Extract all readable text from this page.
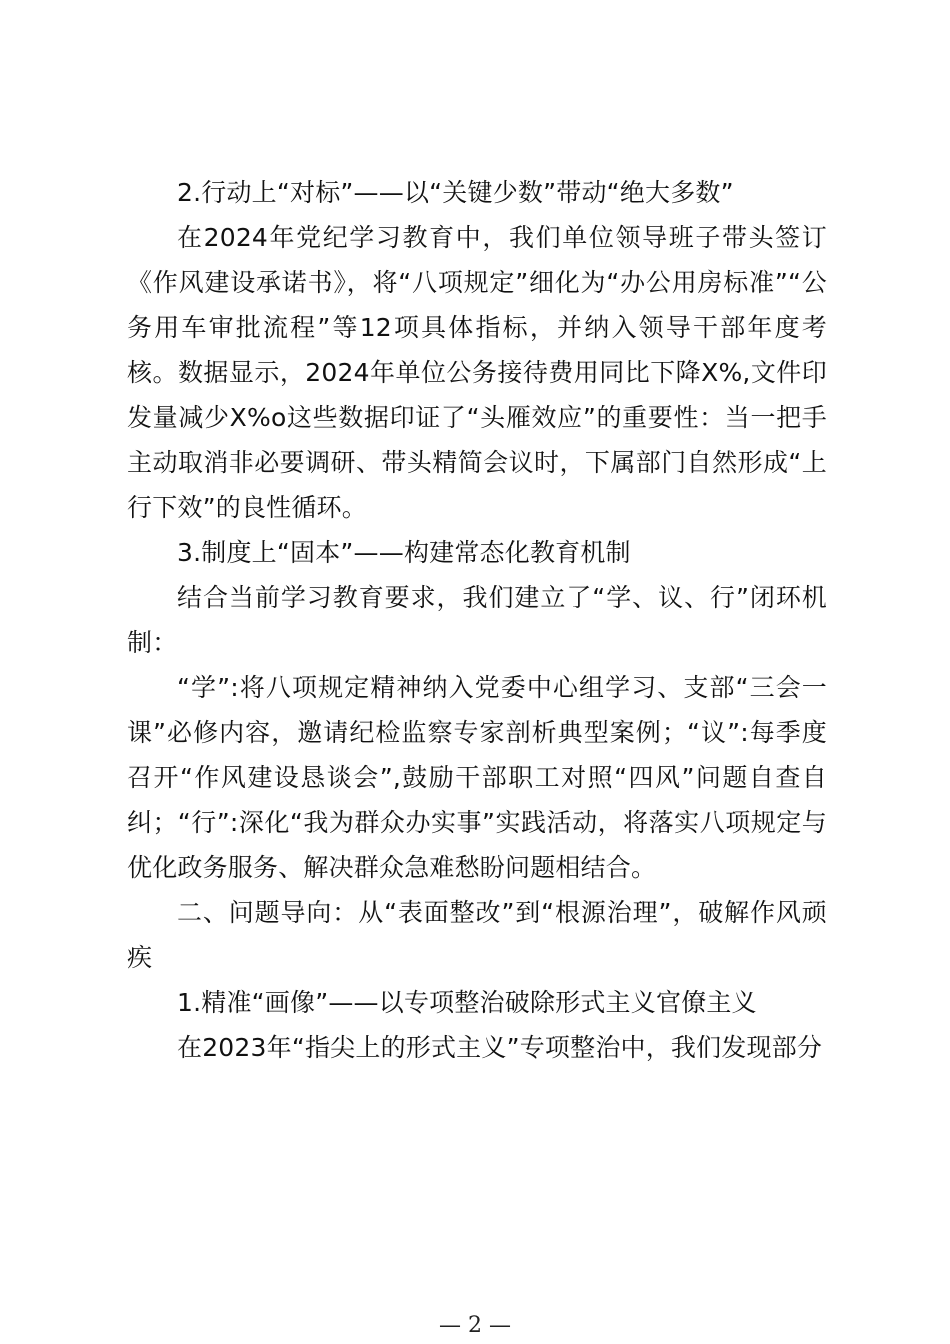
2.行动上“对标”——以“关键少数”带动“绝大多数”

在2024年党纪学习教育中，我们单位领导班子带头签订《作风建设承诺书》，将“八项规定”细化为“办公用房标准”“公务用车审批流程”等12项具体指标，并纳入领导干部年度考核。数据显示，2024年单位公务接待费用同比下降X%,文件印发量减少X%o这些数据印证了“头雁效应”的重要性：当一把手主动取消非必要调研、带头精简会议时，下属部门自然形成“上行下效”的良性循环。

3.制度上“固本”——构建常态化教育机制

结合当前学习教育要求，我们建立了“学、议、行”闭环机制：

“学”:将八项规定精神纳入党委中心组学习、支部“三会一课”必修内容，邀请纪检监察专家剖析典型案例；“议”:每季度召开“作风建设恳谈会”,鼓励干部职工对照“四风”问题自查自纠；“行”:深化“我为群众办实事”实践活动，将落实八项规定与优化政务服务、解决群众急难愁盼问题相结合。

二、问题导向：从“表面整改”到“根源治理”，破解作风顽疾

1.精准“画像”——以专项整治破除形式主义官僚主义

在2023年“指尖上的形式主义”专项整治中，我们发现部分

— 2 —
